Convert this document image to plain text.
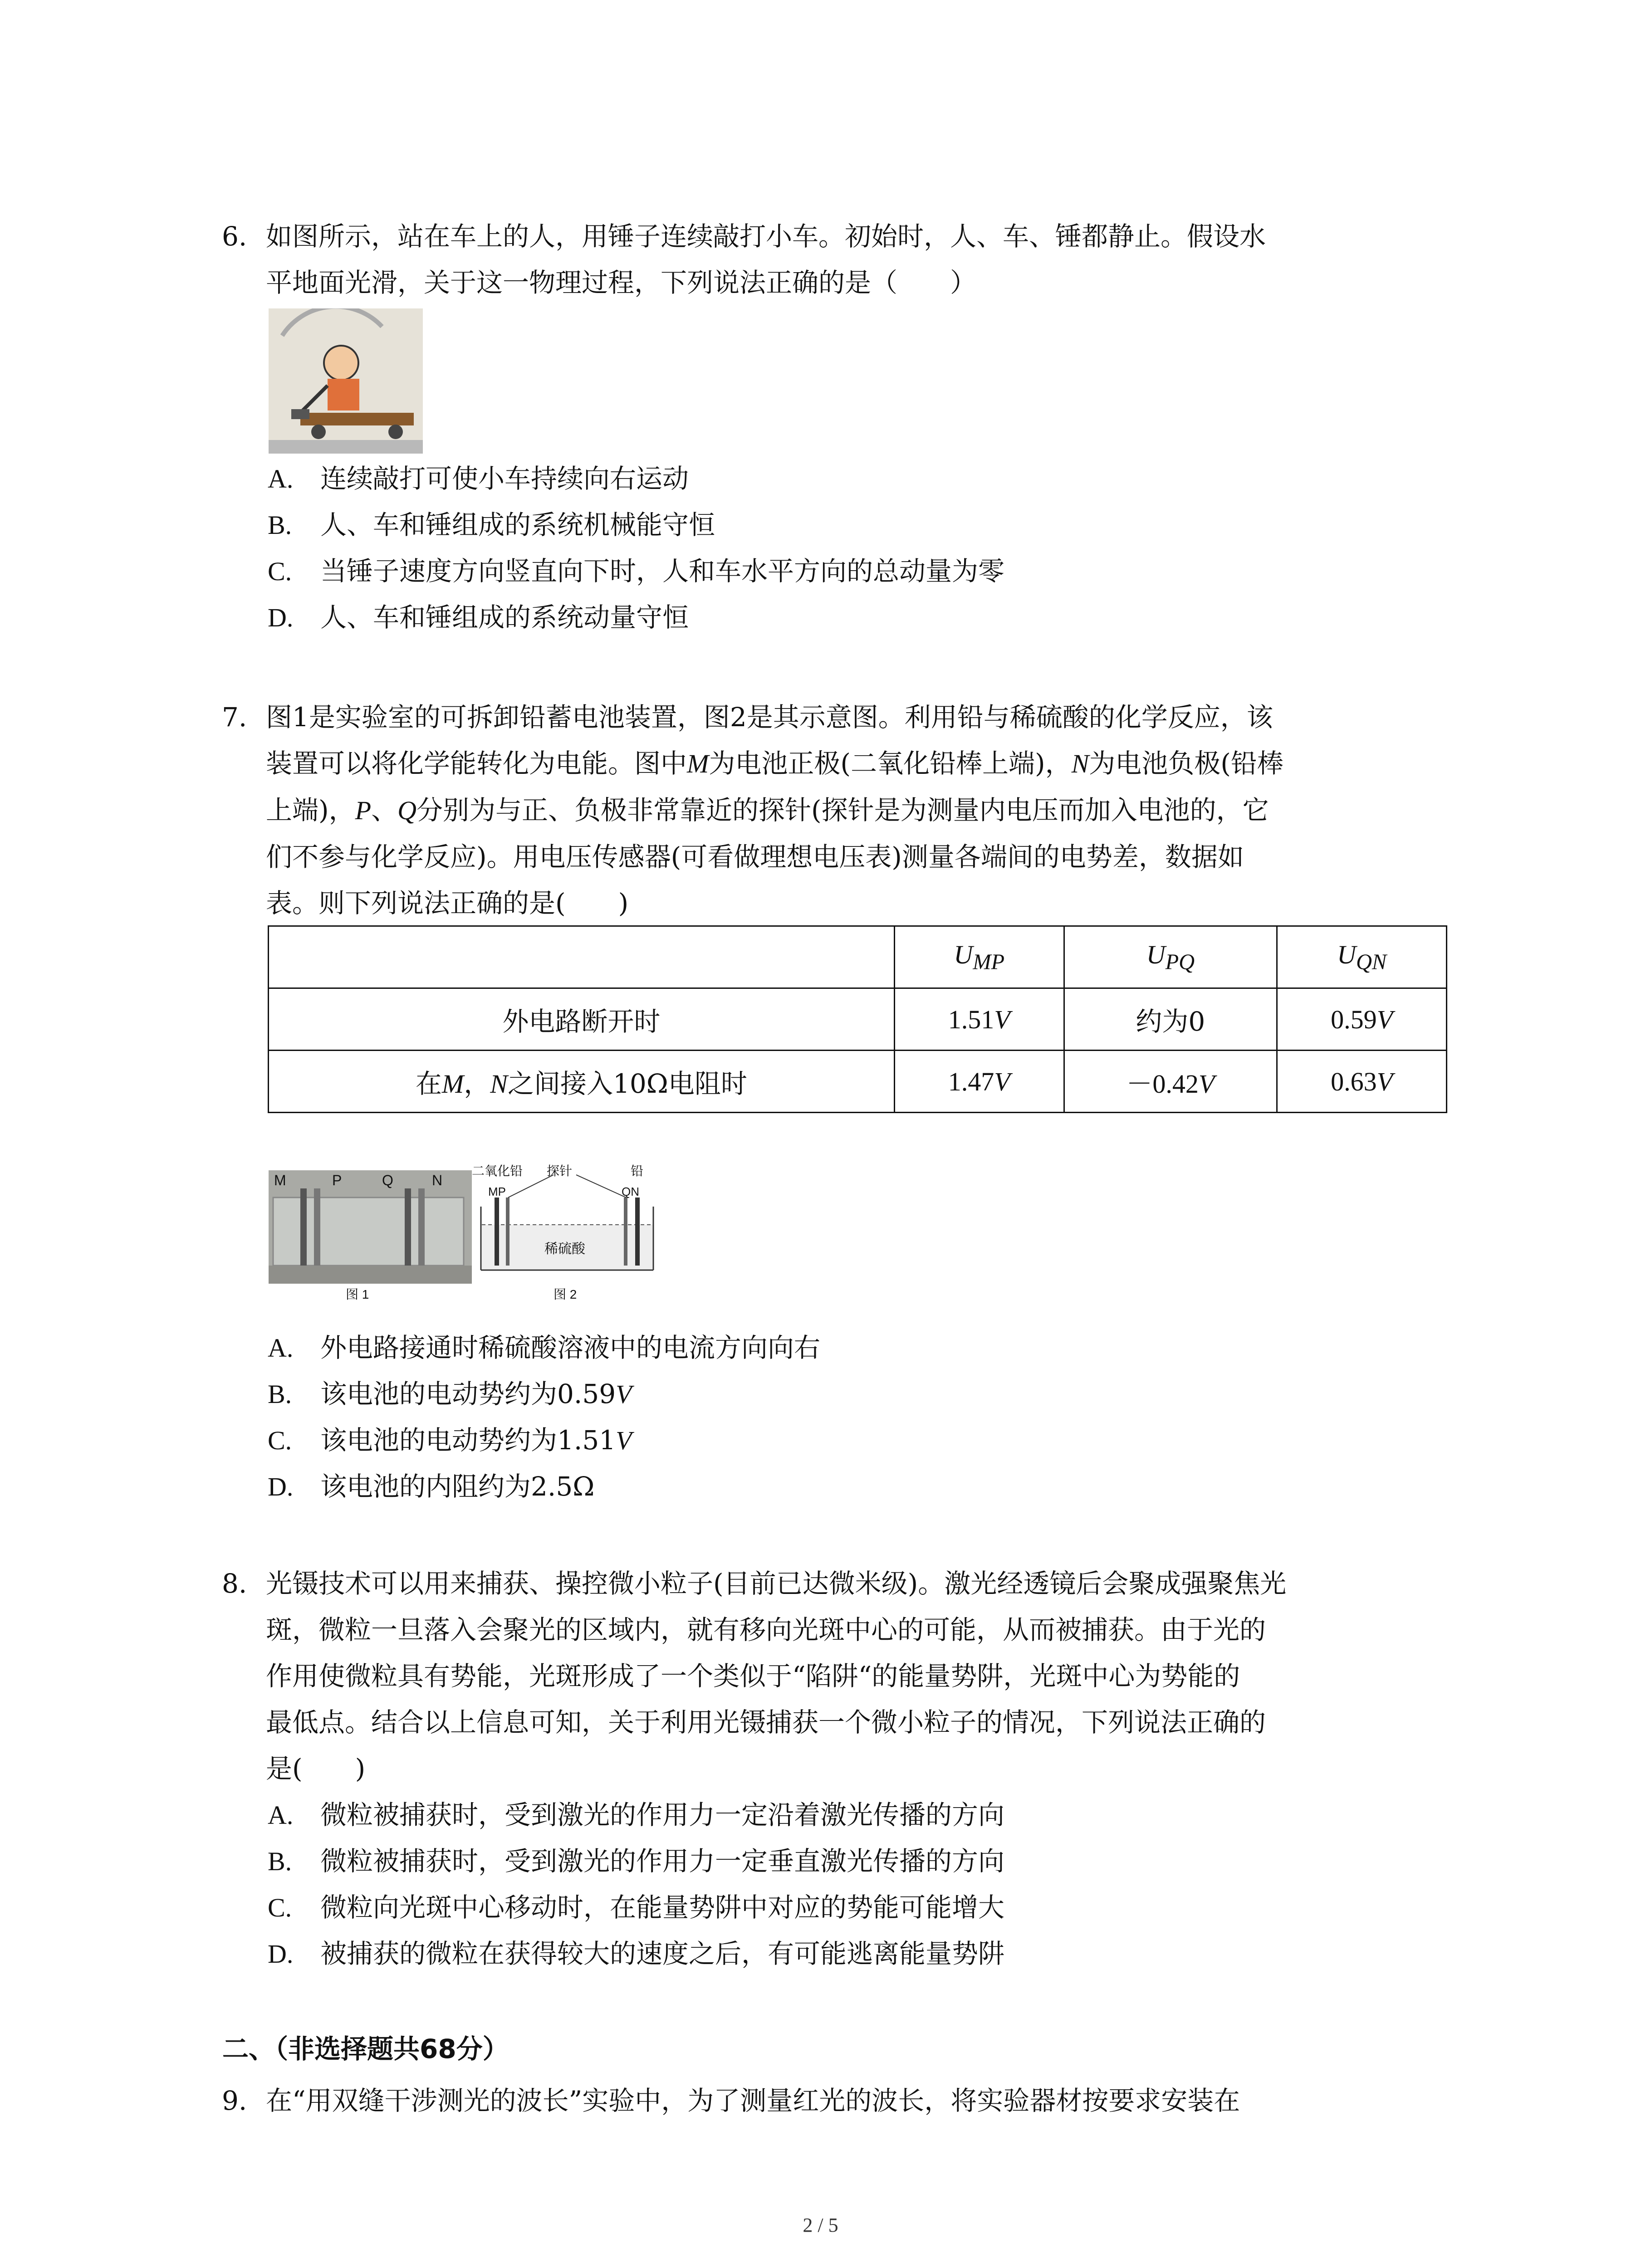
6. 如图所示，站在车上的人，用锤子连续敲打小车。初始时，人、车、锤都静止。假设水
平地面光滑，关于这一物理过程，下列说法正确的是（　　）
A. 连续敲打可使小车持续向右运动
B. 人、车和锤组成的系统机械能守恒
C. 当锤子速度方向竖直向下时，人和车水平方向的总动量为零
D. 人、车和锤组成的系统动量守恒
7. 图1是实验室的可拆卸铅蓄电池装置，图2是其示意图。利用铅与稀硫酸的化学反应，该
装置可以将化学能转化为电能。图中M为电池正极(二氧化铅棒上端)，N为电池负极(铅棒
上端)，P、Q分别为与正、负极非常靠近的探针(探针是为测量内电压而加入电池的，它
们不参与化学反应)。用电压传感器(可看做理想电压表)测量各端间的电势差，数据如
表。则下列说法正确的是(　　)
	$U_{MP}$	$U_{PQ}$	$U_{QN}$
外电路断开时	1.51V	约为0	0.59V
在M，N之间接入10Ω电阻时	1.47V	－0.42V	0.63V
M	P	Q	N
图 1
二氧化铅 探针	铅
MP	QN
稀硫酸
图 2
A. 外电路接通时稀硫酸溶液中的电流方向向右
B. 该电池的电动势约为0.59V
C. 该电池的电动势约为1.51V
D. 该电池的内阻约为2.5Ω
8. 光镊技术可以用来捕获、操控微小粒子(目前已达微米级)。激光经透镜后会聚成强聚焦光
斑，微粒一旦落入会聚光的区域内，就有移向光斑中心的可能，从而被捕获。由于光的
作用使微粒具有势能，光斑形成了一个类似于“陷阱“的能量势阱，光斑中心为势能的
最低点。结合以上信息可知，关于利用光镊捕获一个微小粒子的情况，下列说法正确的
是(　　)
A. 微粒被捕获时，受到激光的作用力一定沿着激光传播的方向
B. 微粒被捕获时，受到激光的作用力一定垂直激光传播的方向
C. 微粒向光斑中心移动时，在能量势阱中对应的势能可能增大
D. 被捕获的微粒在获得较大的速度之后，有可能逃离能量势阱
二、（非选择题共68分）
9. 在“用双缝干涉测光的波长”实验中，为了测量红光的波长，将实验器材按要求安装在
2 / 5
